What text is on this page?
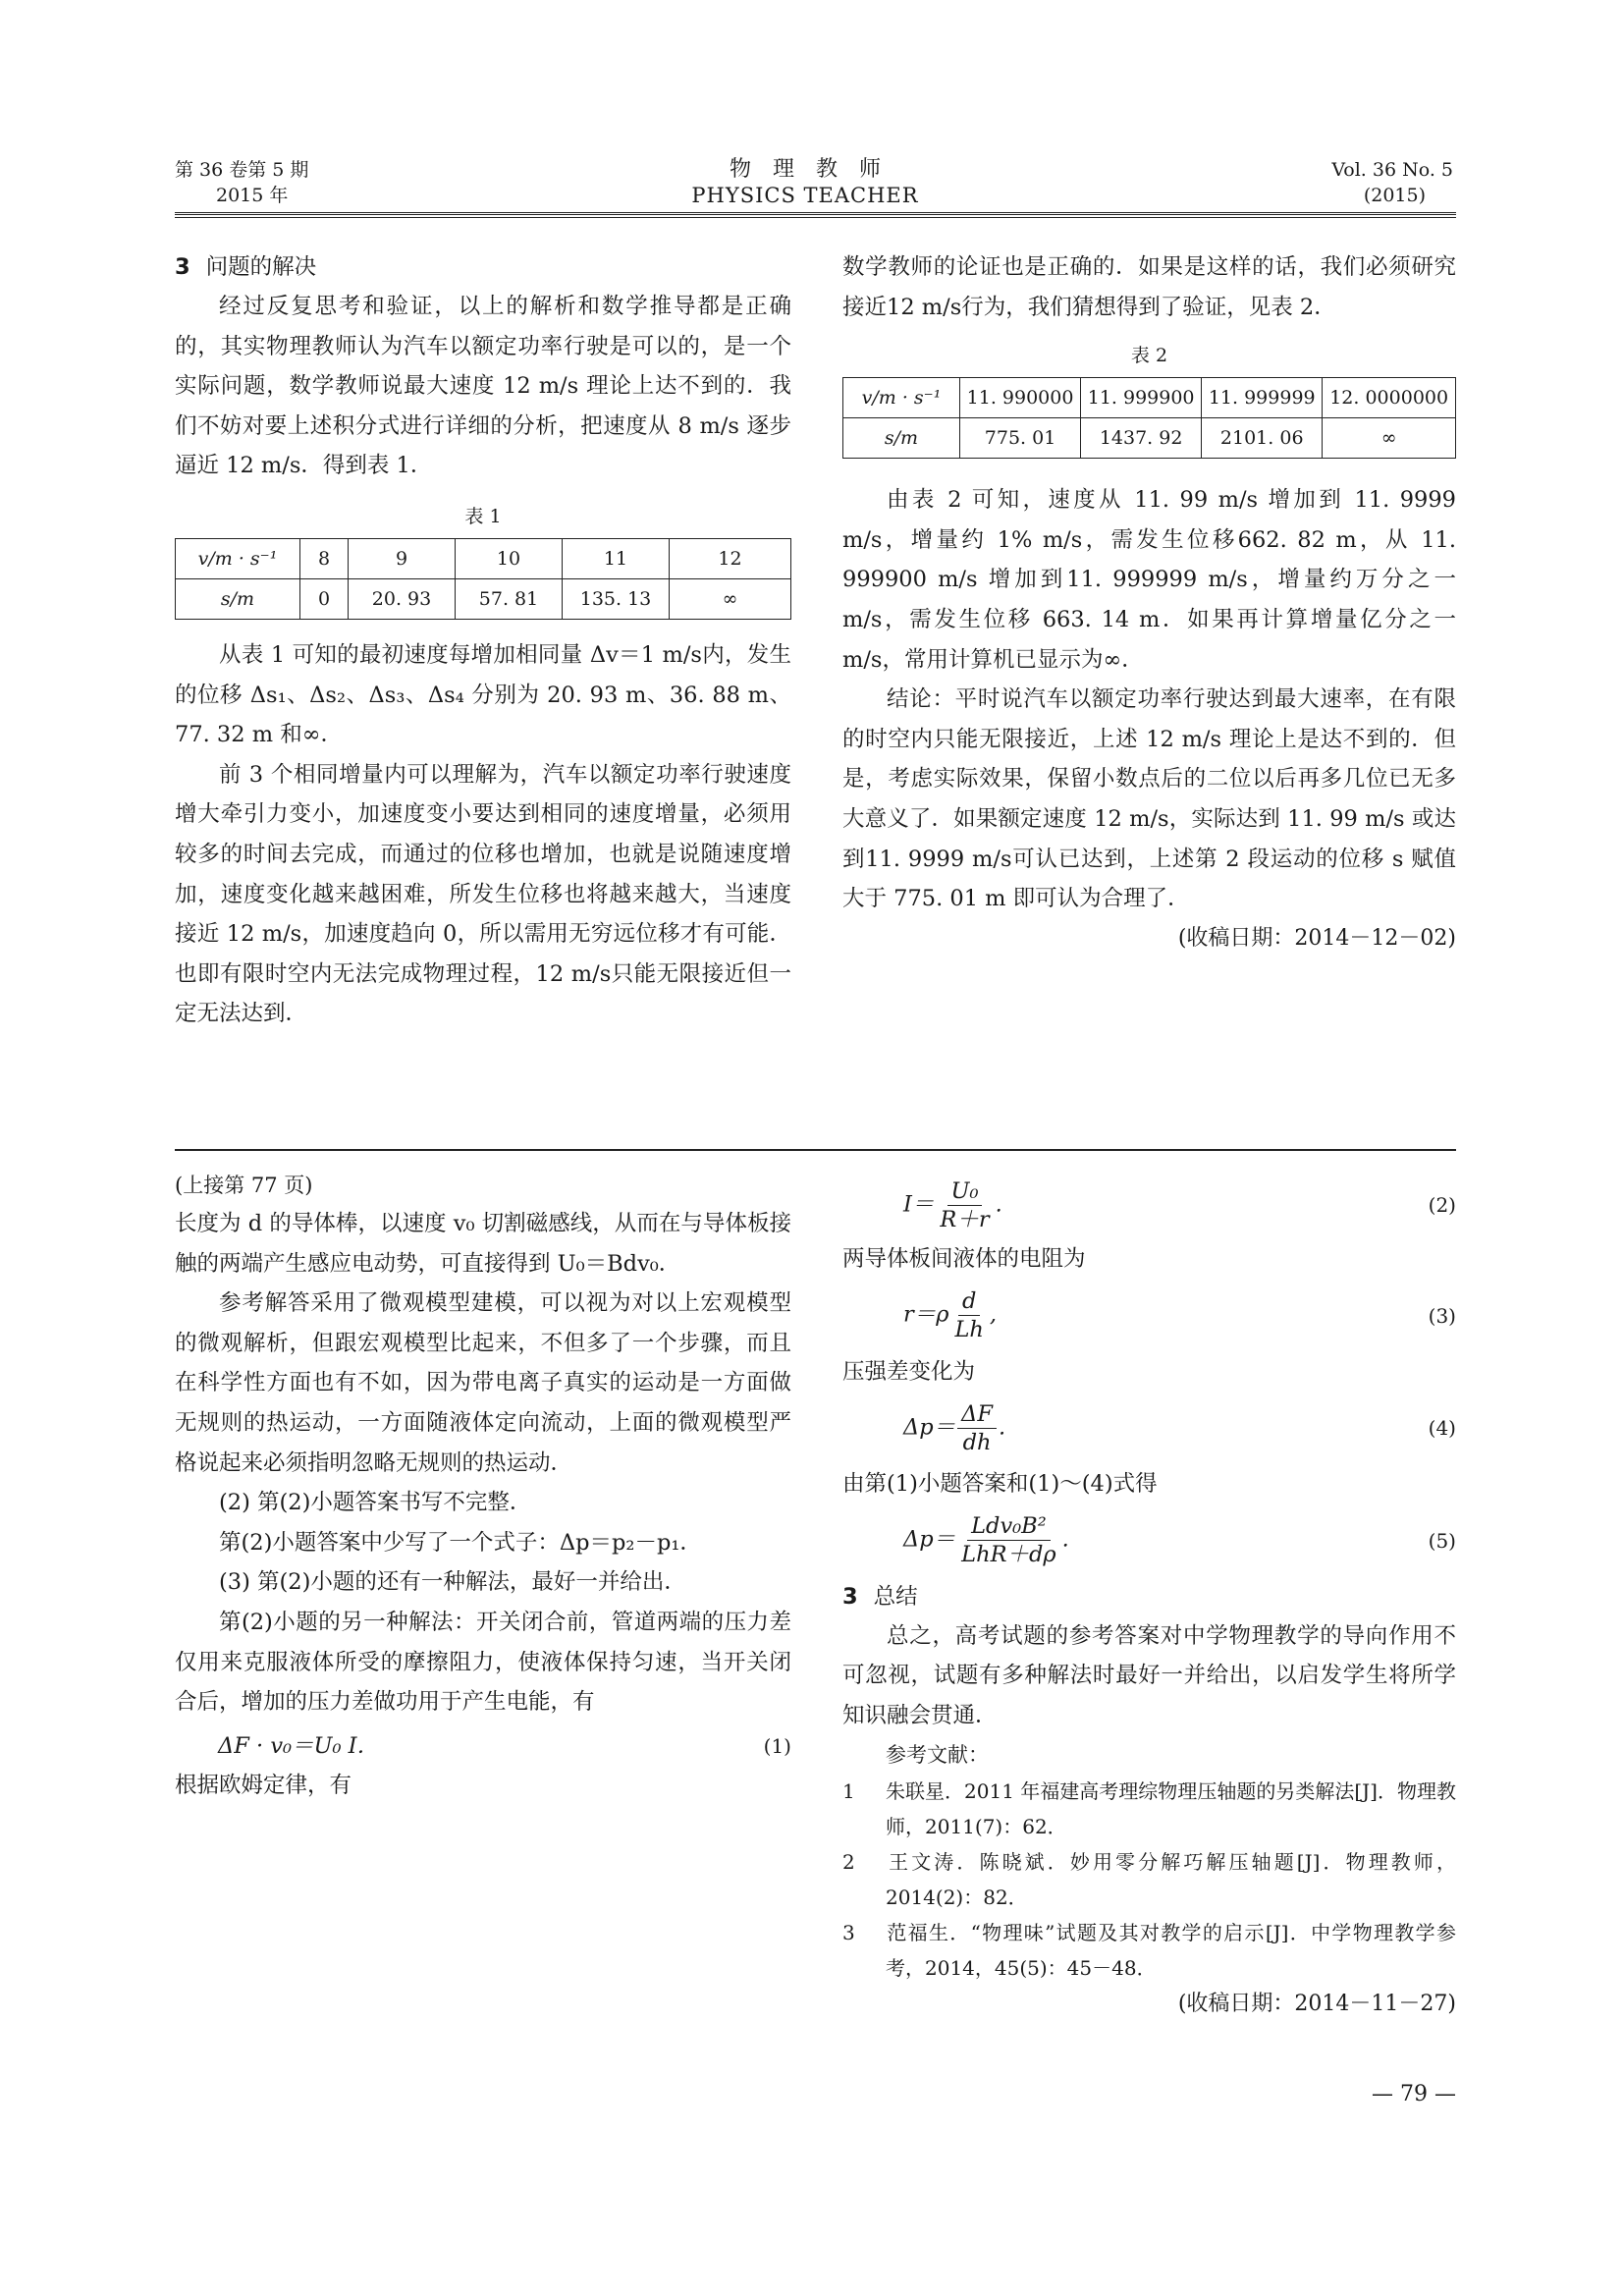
第 36 卷第 5 期
2015 年
物　理　教　师
PHYSICS TEACHER
Vol. 36 No. 5
(2015)
3 问题的解决

经过反复思考和验证，以上的解析和数学推导都是正确的，其实物理教师认为汽车以额定功率行驶是可以的，是一个实际问题，数学教师说最大速度 12 m/s 理论上达不到的．我们不妨对要上述积分式进行详细的分析，把速度从 8 m/s 逐步逼近 12 m/s．得到表 1．

表 1
v/m · s⁻¹	8	9	10	11	12
s/m	0	20. 93	57. 81	135. 13	∞

从表 1 可知的最初速度每增加相同量 Δv＝1 m/s内，发生的位移 Δs₁、Δs₂、Δs₃、Δs₄ 分别为 20. 93 m、36. 88 m、77. 32 m 和∞．

前 3 个相同增量内可以理解为，汽车以额定功率行驶速度增大牵引力变小，加速度变小要达到相同的速度增量，必须用较多的时间去完成，而通过的位移也增加，也就是说随速度增加，速度变化越来越困难，所发生位移也将越来越大，当速度接近 12 m/s，加速度趋向 0，所以需用无穷远位移才有可能．也即有限时空内无法完成物理过程，12 m/s只能无限接近但一定无法达到．

数学教师的论证也是正确的．如果是这样的话，我们必须研究接近12 m/s行为，我们猜想得到了验证，见表 2．

表 2
v/m · s⁻¹	11. 990000	11. 999900	11. 999999	12. 0000000
s/m	775. 01	1437. 92	2101. 06	∞

由表 2 可知，速度从 11. 99 m/s 增加到 11. 9999 m/s，增量约 1% m/s，需发生位移662. 82 m，从 11. 999900 m/s 增加到11. 999999 m/s，增量约万分之一 m/s，需发生位移 663. 14 m．如果再计算增量亿分之一 m/s，常用计算机已显示为∞．

结论：平时说汽车以额定功率行驶达到最大速率，在有限的时空内只能无限接近，上述 12 m/s 理论上是达不到的．但是，考虑实际效果，保留小数点后的二位以后再多几位已无多大意义了．如果额定速度 12 m/s，实际达到 11. 99 m/s 或达到11. 9999 m/s可认已达到，上述第 2 段运动的位移 s 赋值大于 775. 01 m 即可认为合理了．

(收稿日期：2014－12－02)
(上接第 77 页)

长度为 d 的导体棒，以速度 v₀ 切割磁感线，从而在与导体板接触的两端产生感应电动势，可直接得到 U₀＝Bdv₀．

参考解答采用了微观模型建模，可以视为对以上宏观模型的微观解析，但跟宏观模型比起来，不但多了一个步骤，而且在科学性方面也有不如，因为带电离子真实的运动是一方面做无规则的热运动，一方面随液体定向流动，上面的微观模型严格说起来必须指明忽略无规则的热运动．

(2) 第(2)小题答案书写不完整．

第(2)小题答案中少写了一个式子：Δp＝p₂－p₁．

(3) 第(2)小题的还有一种解法，最好一并给出．

第(2)小题的另一种解法：开关闭合前，管道两端的压力差仅用来克服液体所受的摩擦阻力，使液体保持匀速，当开关闭合后，增加的压力差做功用于产生电能，有

ΔF · v₀＝U₀ I．	(1)

根据欧姆定律，有

$I= \frac{\text{U₀}}{R+r}$ .	(2)

两导体板间液体的电阻为

$r=\rho \frac{d}{Lh}$ ,	(3)

压强差变化为

$\Delta p= \frac{\Delta F}{dh}$ .	(4)

由第(1)小题答案和(1)～(4)式得

$\Delta p= \frac{\text{Ldv₀B²}}{\text{LhR＋dρ}}$ .	(5)
3 总结

总之，高考试题的参考答案对中学物理教学的导向作用不可忽视，试题有多种解法时最好一并给出，以启发学生将所学知识融会贯通．

参考文献：

1 朱联星．2011 年福建高考理综物理压轴题的另类解法[J]．物理教师，2011(7)：62．

2 王文涛．陈晓斌．妙用零分解巧解压轴题[J]．物理教师，2014(2)：82．

3 范福生．“物理味”试题及其对教学的启示[J]．中学物理教学参考，2014，45(5)：45－48．

(收稿日期：2014－11－27)
— 79 —
